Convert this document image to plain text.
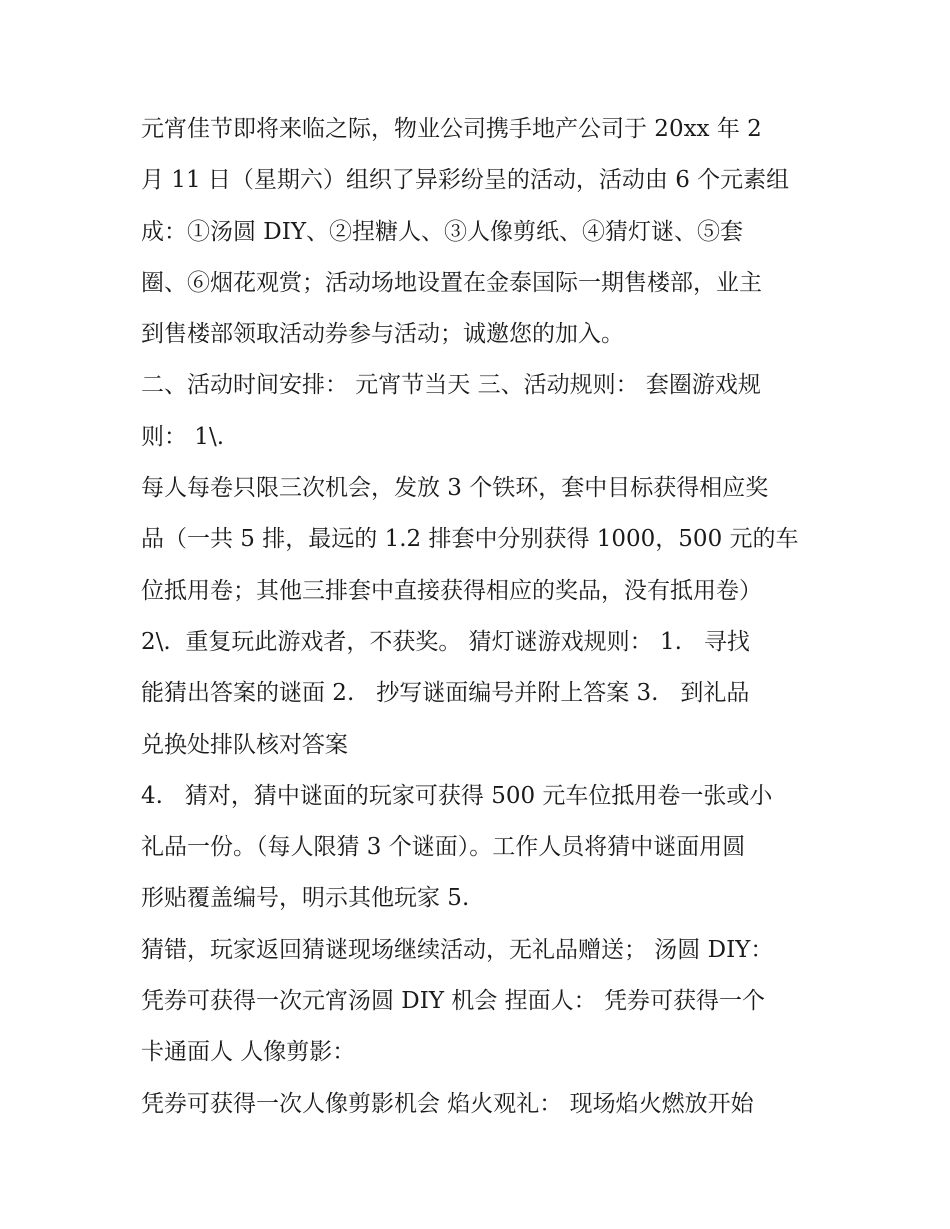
元宵佳节即将来临之际，物业公司携手地产公司于 20xx 年 2
月 11 日（星期六）组织了异彩纷呈的活动，活动由 6 个元素组
成：①汤圆 DIY、②捏糖人、③人像剪纸、④猜灯谜、⑤套
圈、⑥烟花观赏；活动场地设置在金泰国际一期售楼部，业主
到售楼部领取活动券参与活动；诚邀您的加入。
二、活动时间安排： 元宵节当天 三、活动规则： 套圈游戏规
则： 1\.
每人每卷只限三次机会，发放 3 个铁环，套中目标获得相应奖
品（一共 5 排，最远的 1.2 排套中分别获得 1000，500 元的车
位抵用卷；其他三排套中直接获得相应的奖品，没有抵用卷）
2\.  重复玩此游戏者，不获奖。 猜灯谜游戏规则： 1.   寻找
能猜出答案的谜面 2.   抄写谜面编号并附上答案 3.   到礼品
兑换处排队核对答案
4.   猜对，猜中谜面的玩家可获得 500 元车位抵用卷一张或小
礼品一份。（每人限猜 3 个谜面）。工作人员将猜中谜面用圆
形贴覆盖编号，明示其他玩家 5.
猜错，玩家返回猜谜现场继续活动，无礼品赠送； 汤圆 DIY：
凭券可获得一次元宵汤圆 DIY 机会 捏面人： 凭券可获得一个
卡通面人 人像剪影：
凭券可获得一次人像剪影机会 焰火观礼： 现场焰火燃放开始
